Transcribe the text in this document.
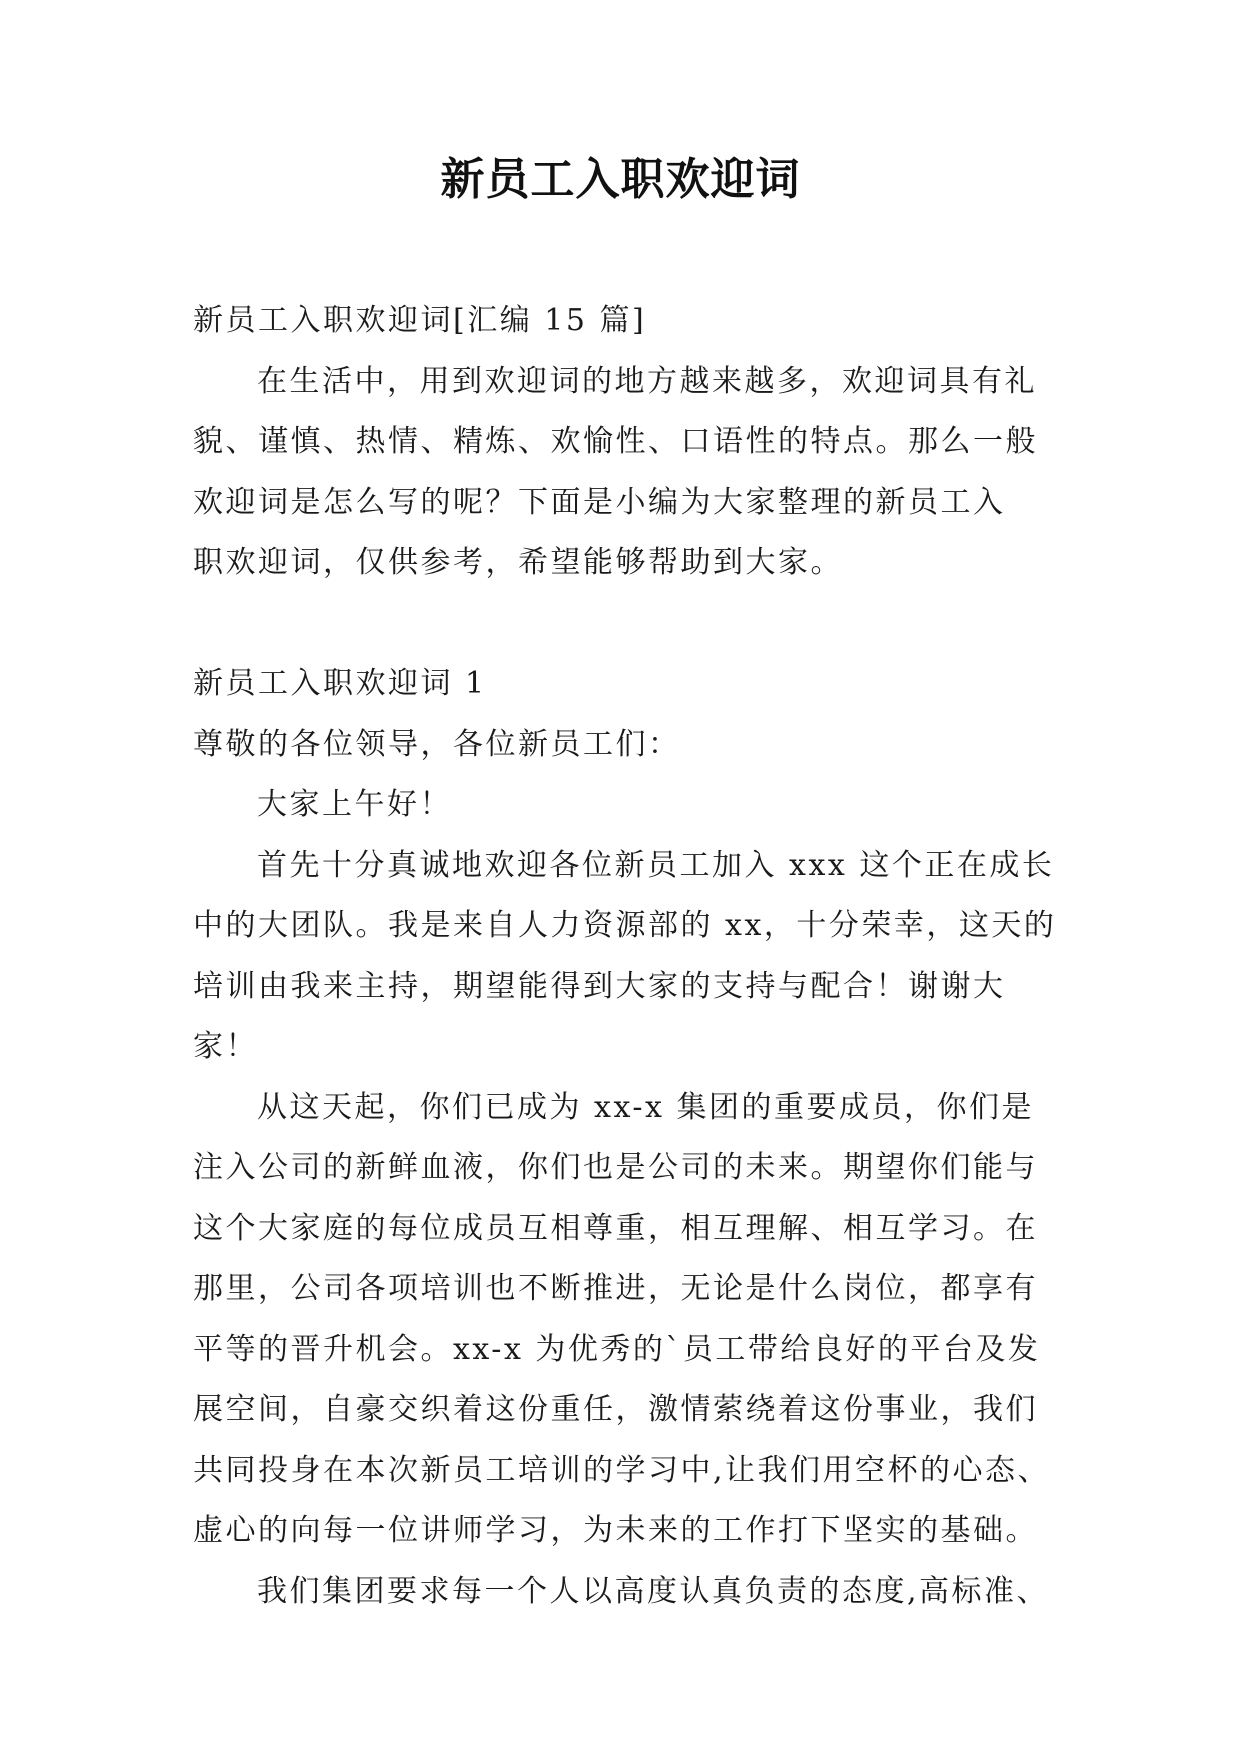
新员工入职欢迎词
新员工入职欢迎词[汇编 15 篇]
在生活中，用到欢迎词的地方越来越多，欢迎词具有礼
貌、谨慎、热情、精炼、欢愉性、口语性的特点。那么一般
欢迎词是怎么写的呢？下面是小编为大家整理的新员工入
职欢迎词，仅供参考，希望能够帮助到大家。
新员工入职欢迎词 1
尊敬的各位领导，各位新员工们：
大家上午好！
首先十分真诚地欢迎各位新员工加入 xxx 这个正在成长
中的大团队。我是来自人力资源部的 xx，十分荣幸，这天的
培训由我来主持，期望能得到大家的支持与配合！谢谢大
家！
从这天起，你们已成为 xx-x 集团的重要成员，你们是
注入公司的新鲜血液，你们也是公司的未来。期望你们能与
这个大家庭的每位成员互相尊重，相互理解、相互学习。在
那里，公司各项培训也不断推进，无论是什么岗位，都享有
平等的晋升机会。xx-x 为优秀的`员工带给良好的平台及发
展空间，自豪交织着这份重任，激情萦绕着这份事业，我们
共同投身在本次新员工培训的学习中,让我们用空杯的心态、
虚心的向每一位讲师学习，为未来的工作打下坚实的基础。
我们集团要求每一个人以高度认真负责的态度,高标准、
